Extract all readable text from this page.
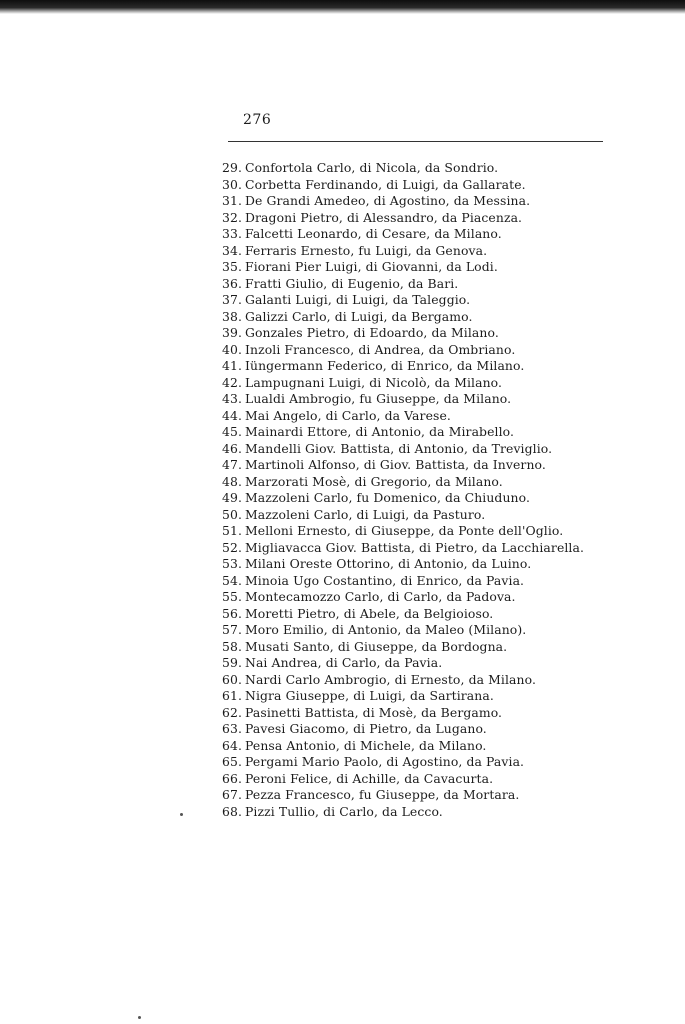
276
29. Confortola Carlo, di Nicola, da Sondrio.
30. Corbetta Ferdinando, di Luigi, da Gallarate.
31. De Grandi Amedeo, di Agostino, da Messina.
32. Dragoni Pietro, di Alessandro, da Piacenza.
33. Falcetti Leonardo, di Cesare, da Milano.
34. Ferraris Ernesto, fu Luigi, da Genova.
35. Fiorani Pier Luigi, di Giovanni, da Lodi.
36. Fratti Giulio, di Eugenio, da Bari.
37. Galanti Luigi, di Luigi, da Taleggio.
38. Galizzi Carlo, di Luigi, da Bergamo.
39. Gonzales Pietro, di Edoardo, da Milano.
40. Inzoli Francesco, di Andrea, da Ombriano.
41. Iüngermann Federico, di Enrico, da Milano.
42. Lampugnani Luigi, di Nicolò, da Milano.
43. Lualdi Ambrogio, fu Giuseppe, da Milano.
44. Mai Angelo, di Carlo, da Varese.
45. Mainardi Ettore, di Antonio, da Mirabello.
46. Mandelli Giov. Battista, di Antonio, da Treviglio.
47. Martinoli Alfonso, di Giov. Battista, da Inverno.
48. Marzorati Mosè, di Gregorio, da Milano.
49. Mazzoleni Carlo, fu Domenico, da Chiuduno.
50. Mazzoleni Carlo, di Luigi, da Pasturo.
51. Melloni Ernesto, di Giuseppe, da Ponte dell'Oglio.
52. Migliavacca Giov. Battista, di Pietro, da Lacchiarella.
53. Milani Oreste Ottorino, di Antonio, da Luino.
54. Minoia Ugo Costantino, di Enrico, da Pavia.
55. Montecamozzo Carlo, di Carlo, da Padova.
56. Moretti Pietro, di Abele, da Belgioioso.
57. Moro Emilio, di Antonio, da Maleo (Milano).
58. Musati Santo, di Giuseppe, da Bordogna.
59. Nai Andrea, di Carlo, da Pavia.
60. Nardi Carlo Ambrogio, di Ernesto, da Milano.
61. Nigra Giuseppe, di Luigi, da Sartirana.
62. Pasinetti Battista, di Mosè, da Bergamo.
63. Pavesi Giacomo, di Pietro, da Lugano.
64. Pensa Antonio, di Michele, da Milano.
65. Pergami Mario Paolo, di Agostino, da Pavia.
66. Peroni Felice, di Achille, da Cavacurta.
67. Pezza Francesco, fu Giuseppe, da Mortara.
68. Pizzi Tullio, di Carlo, da Lecco.
